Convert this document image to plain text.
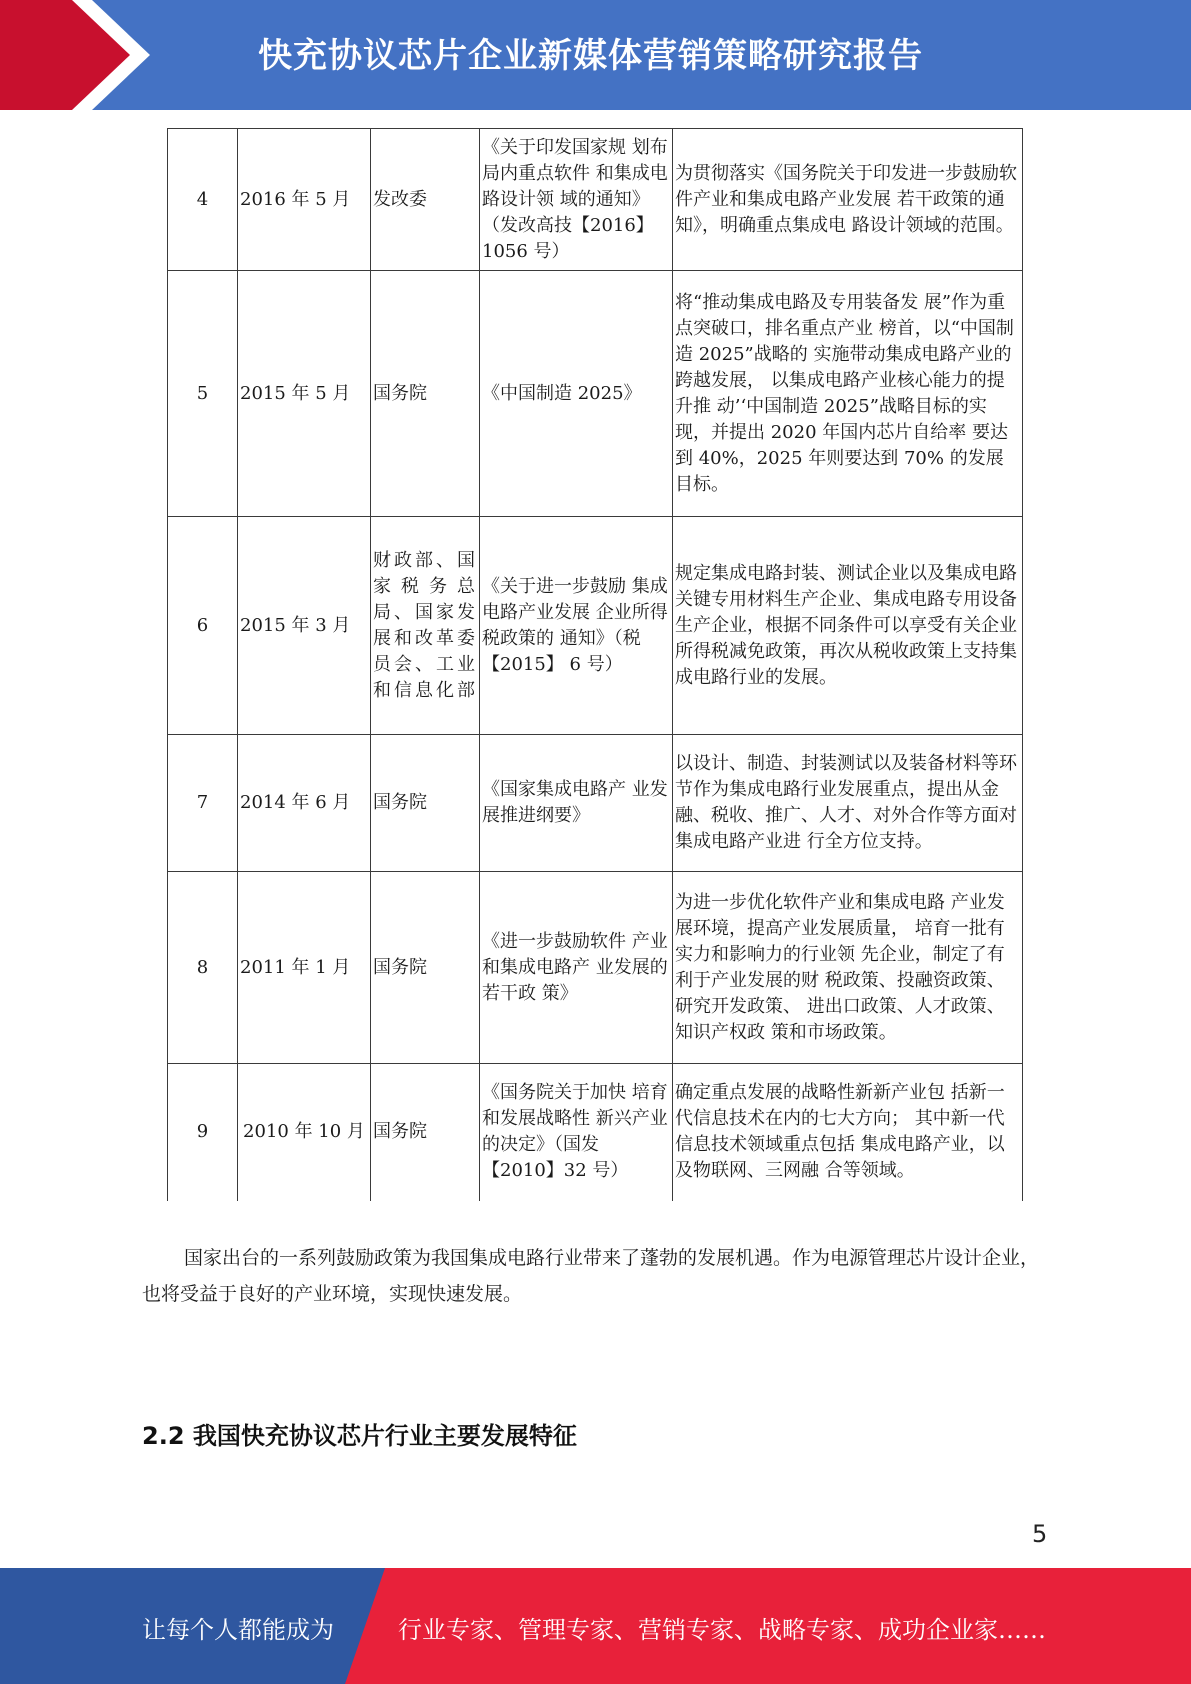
快充协议芯片企业新媒体营销策略研究报告
4	2016 年 5 月	发改委	《关于印发国家规 划布局内重点软件 和集成电路设计领 域的通知》（发改高技【2016】1056 号）	为贯彻落实《国务院关于印发进一步鼓励软件产业和集成电路产业发展 若干政策的通知》，明确重点集成电 路设计领域的范围。
5	2015 年 5 月	国务院	《中国制造 2025》	将“推动集成电路及专用装备发 展”作为重点突破口，排名重点产业 榜首，以“中国制造 2025”战略的 实施带动集成电路产业的跨越发展， 以集成电路产业核心能力的提升推 动’‘中国制造 2025”战略目标的实 现，并提出 2020 年国内芯片自给率 要达到 40%，2025 年则要达到 70% 的发展目标。
6	2015 年 3 月	财政部、国家税务总局、国家发展和改革委员会、工业和信息化部	《关于进一步鼓励 集成电路产业发展 企业所得税政策的 通知》（税【2015】 6 号）	规定集成电路封装、测试企业以及集成电路关键专用材料生产企业、集成电路专用设备生产企业，根据不同条件可以享受有关企业所得税减免政策，再次从税收政策上支持集成电路行业的发展。
7	2014 年 6 月	国务院	《国家集成电路产 业发展推进纲要》	以设计、制造、封装测试以及装备材料等环节作为集成电路行业发展重点，提出从金融、税收、推广、人才、对外合作等方面对集成电路产业进 行全方位支持。
8	2011 年 1 月	国务院	《进一步鼓励软件 产业和集成电路产 业发展的若干政 策》	为进一步优化软件产业和集成电路 产业发展环境，提高产业发展质量， 培育一批有实力和影响力的行业领 先企业，制定了有利于产业发展的财 税政策、投融资政策、研究开发政策、 进出口政策、人才政策、知识产权政 策和市场政策。
9	2010 年 10 月	国务院	《国务院关于加快 培育和发展战略性 新兴产业的决定》（国发【2010】32 号）	确定重点发展的战略性新新产业包 括新一代信息技术在内的七大方向； 其中新一代信息技术领域重点包括 集成电路产业，以及物联网、三网融 合等领域。

国家出台的一系列鼓励政策为我国集成电路行业带来了蓬勃的发展机遇。作为电源管理芯片设计企业，也将受益于良好的产业环境，实现快速发展。

2.2 我国快充协议芯片行业主要发展特征
5
让每个人都能成为	行业专家、管理专家、营销专家、战略专家、成功企业家……
